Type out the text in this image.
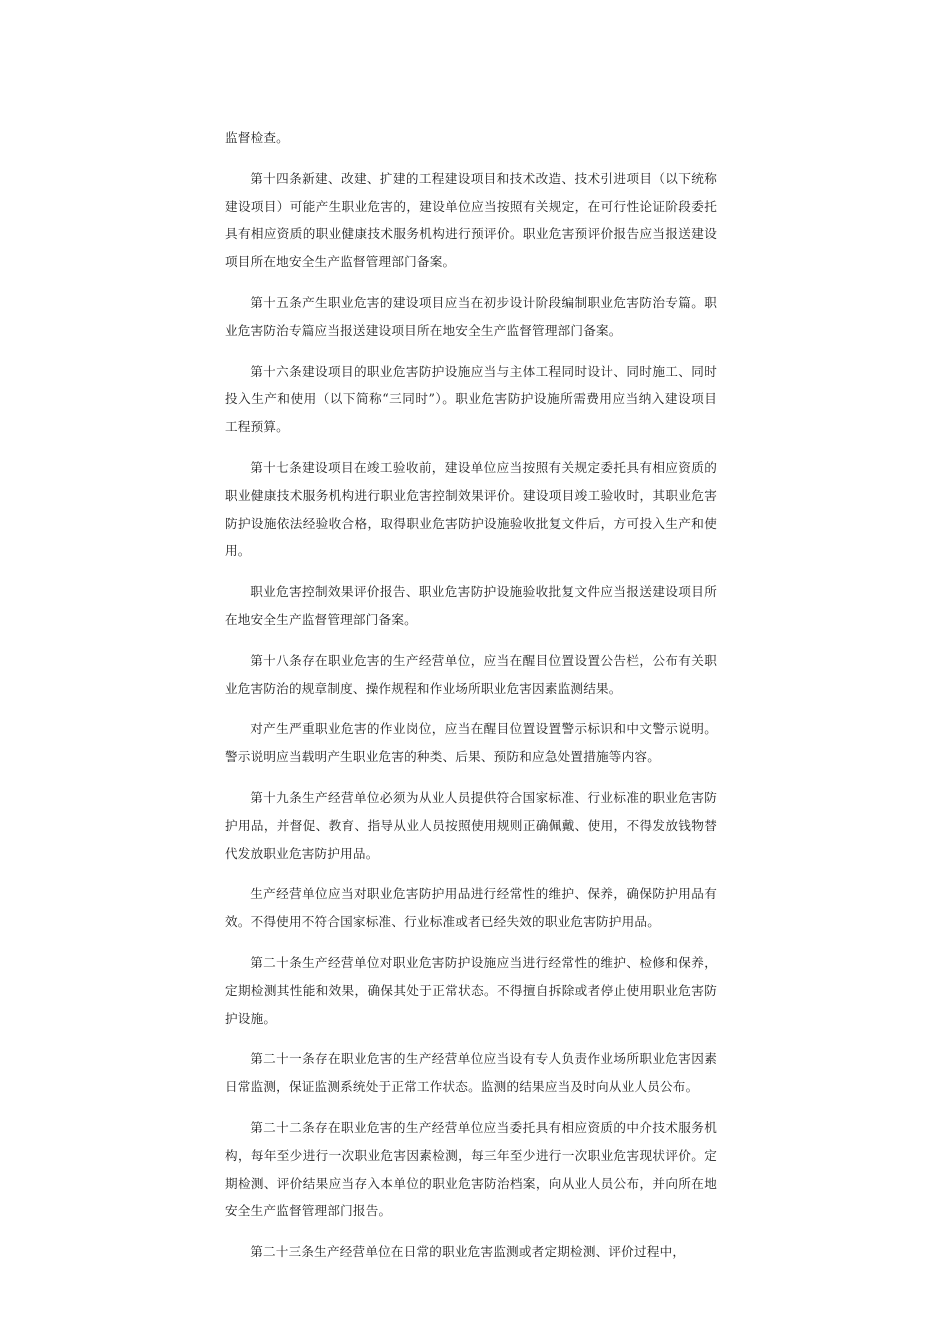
监督检查。

第十四条新建、改建、扩建的工程建设项目和技术改造、技术引进项目（以下统称建设项目）可能产生职业危害的，建设单位应当按照有关规定，在可行性论证阶段委托具有相应资质的职业健康技术服务机构进行预评价。职业危害预评价报告应当报送建设项目所在地安全生产监督管理部门备案。

第十五条产生职业危害的建设项目应当在初步设计阶段编制职业危害防治专篇。职业危害防治专篇应当报送建设项目所在地安全生产监督管理部门备案。

第十六条建设项目的职业危害防护设施应当与主体工程同时设计、同时施工、同时投入生产和使用（以下简称“三同时”）。职业危害防护设施所需费用应当纳入建设项目工程预算。

第十七条建设项目在竣工验收前，建设单位应当按照有关规定委托具有相应资质的职业健康技术服务机构进行职业危害控制效果评价。建设项目竣工验收时，其职业危害防护设施依法经验收合格，取得职业危害防护设施验收批复文件后，方可投入生产和使用。

职业危害控制效果评价报告、职业危害防护设施验收批复文件应当报送建设项目所在地安全生产监督管理部门备案。

第十八条存在职业危害的生产经营单位，应当在醒目位置设置公告栏，公布有关职业危害防治的规章制度、操作规程和作业场所职业危害因素监测结果。

对产生严重职业危害的作业岗位，应当在醒目位置设置警示标识和中文警示说明。警示说明应当载明产生职业危害的种类、后果、预防和应急处置措施等内容。

第十九条生产经营单位必须为从业人员提供符合国家标准、行业标准的职业危害防护用品，并督促、教育、指导从业人员按照使用规则正确佩戴、使用，不得发放钱物替代发放职业危害防护用品。

生产经营单位应当对职业危害防护用品进行经常性的维护、保养，确保防护用品有效。不得使用不符合国家标准、行业标准或者已经失效的职业危害防护用品。

第二十条生产经营单位对职业危害防护设施应当进行经常性的维护、检修和保养，定期检测其性能和效果，确保其处于正常状态。不得擅自拆除或者停止使用职业危害防护设施。

第二十一条存在职业危害的生产经营单位应当设有专人负责作业场所职业危害因素日常监测，保证监测系统处于正常工作状态。监测的结果应当及时向从业人员公布。

第二十二条存在职业危害的生产经营单位应当委托具有相应资质的中介技术服务机构，每年至少进行一次职业危害因素检测，每三年至少进行一次职业危害现状评价。定期检测、评价结果应当存入本单位的职业危害防治档案，向从业人员公布，并向所在地安全生产监督管理部门报告。

第二十三条生产经营单位在日常的职业危害监测或者定期检测、评价过程中，
